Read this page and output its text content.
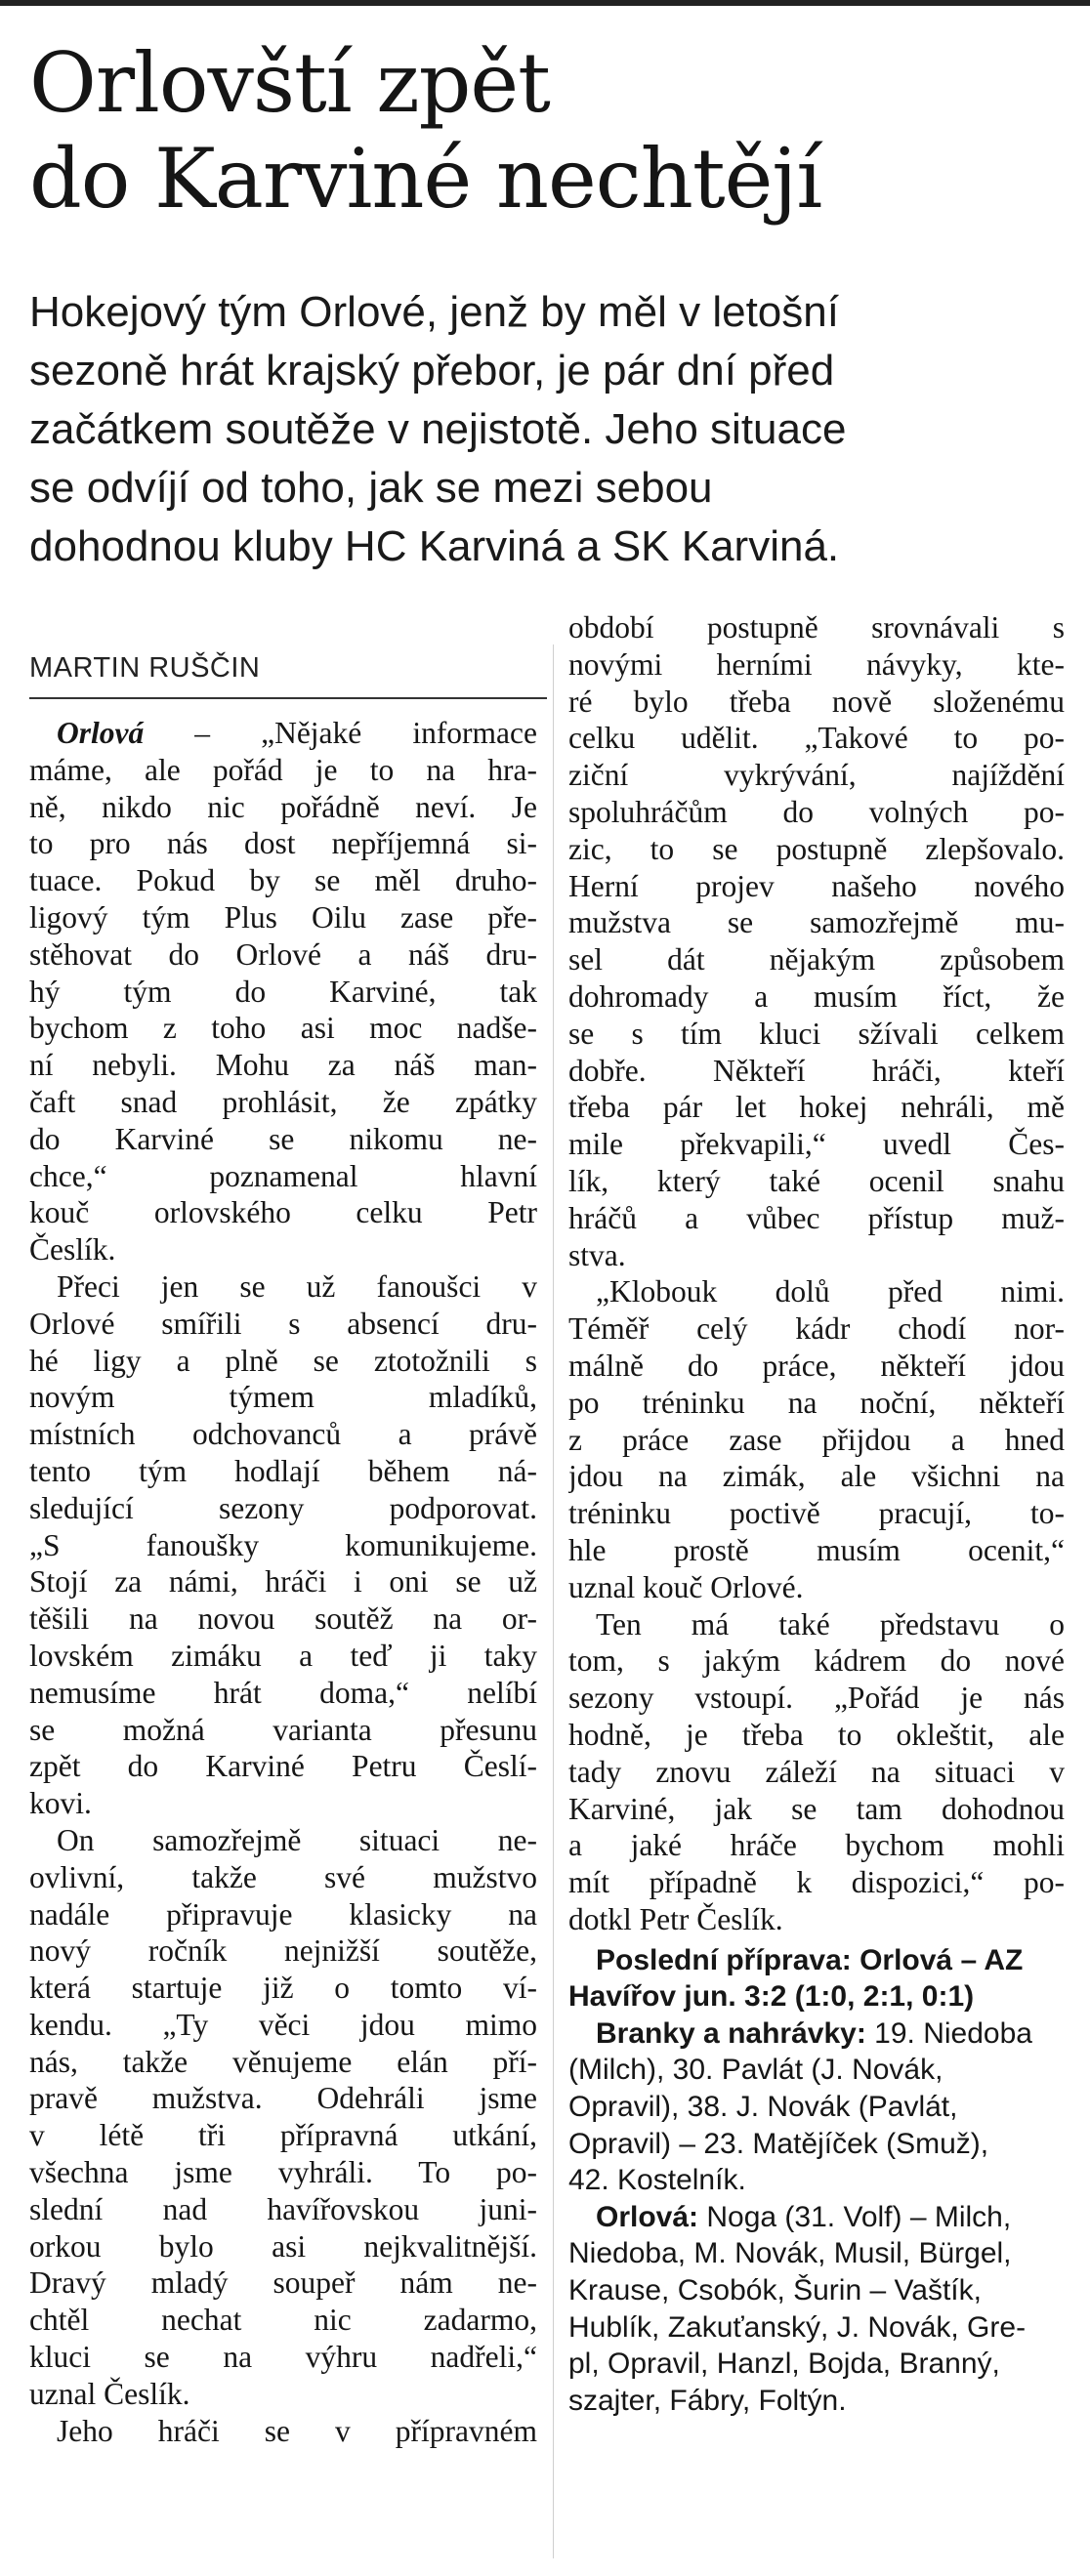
Orlovští zpět
do Karviné nechtějí
Hokejový tým Orlové, jenž by měl v letošní
sezoně hrát krajský přebor, je pár dní před
začátkem soutěže v nejistotě. Jeho situace
se odvíjí od toho, jak se mezi sebou
dohodnou kluby HC Karviná a SK Karviná.
MARTIN RUŠČIN
Orlová – „Nějaké informace
máme, ale pořád je to na hra-
ně, nikdo nic pořádně neví. Je
to pro nás dost nepříjemná si-
tuace. Pokud by se měl druho-
ligový tým Plus Oilu zase pře-
stěhovat do Orlové a náš dru-
hý tým do Karviné, tak
bychom z toho asi moc nadše-
ní nebyli. Mohu za náš man-
čaft snad prohlásit, že zpátky
do Karviné se nikomu ne-
chce,“ poznamenal hlavní
kouč orlovského celku Petr
Česlík.
Přeci jen se už fanoušci v
Orlové smířili s absencí dru-
hé ligy a plně se ztotožnili s
novým týmem mladíků,
místních odchovanců a právě
tento tým hodlají během ná-
sledující sezony podporovat.
„S fanoušky komunikujeme.
Stojí za námi, hráči i oni se už
těšili na novou soutěž na or-
lovském zimáku a teď ji taky
nemusíme hrát doma,“ nelíbí
se možná varianta přesunu
zpět do Karviné Petru Česlí-
kovi.
On samozřejmě situaci ne-
ovlivní, takže své mužstvo
nadále připravuje klasicky na
nový ročník nejnižší soutěže,
která startuje již o tomto ví-
kendu. „Ty věci jdou mimo
nás, takže věnujeme elán pří-
pravě mužstva. Odehráli jsme
v létě tři přípravná utkání,
všechna jsme vyhráli. To po-
slední nad havířovskou juni-
orkou bylo asi nejkvalitnější.
Dravý mladý soupeř nám ne-
chtěl nechat nic zadarmo,
kluci se na výhru nadřeli,“
uznal Česlík.
Jeho hráči se v přípravném
období postupně srovnávali s
novými herními návyky, kte-
ré bylo třeba nově složenému
celku udělit. „Takové to po-
ziční vykrývání, najíždění
spoluhráčům do volných po-
zic, to se postupně zlepšovalo.
Herní projev našeho nového
mužstva se samozřejmě mu-
sel dát nějakým způsobem
dohromady a musím říct, že
se s tím kluci sžívali celkem
dobře. Někteří hráči, kteří
třeba pár let hokej nehráli, mě
mile překvapili,“ uvedl Čes-
lík, který také ocenil snahu
hráčů a vůbec přístup muž-
stva.
„Klobouk dolů před nimi.
Téměř celý kádr chodí nor-
málně do práce, někteří jdou
po tréninku na noční, někteří
z práce zase přijdou a hned
jdou na zimák, ale všichni na
tréninku poctivě pracují, to-
hle prostě musím ocenit,“
uznal kouč Orlové.
Ten má také představu o
tom, s jakým kádrem do nové
sezony vstoupí. „Pořád je nás
hodně, je třeba to okleštit, ale
tady znovu záleží na situaci v
Karviné, jak se tam dohodnou
a jaké hráče bychom mohli
mít případně k dispozici,“ po-
dotkl Petr Česlík.
Poslední příprava: Orlová – AZ
Havířov jun. 3:2 (1:0, 2:1, 0:1)
Branky a nahrávky: 19. Niedoba
(Milch), 30. Pavlát (J. Novák,
Opravil), 38. J. Novák (Pavlát,
Opravil) – 23. Matějíček (Smuž),
42. Kostelník.
Orlová: Noga (31. Volf) – Milch,
Niedoba, M. Novák, Musil, Bürgel,
Krause, Csobók, Šurin – Vaštík,
Hublík, Zakuťanský, J. Novák, Gre-
pl, Opravil, Hanzl, Bojda, Branný,
szajter, Fábry, Foltýn.
